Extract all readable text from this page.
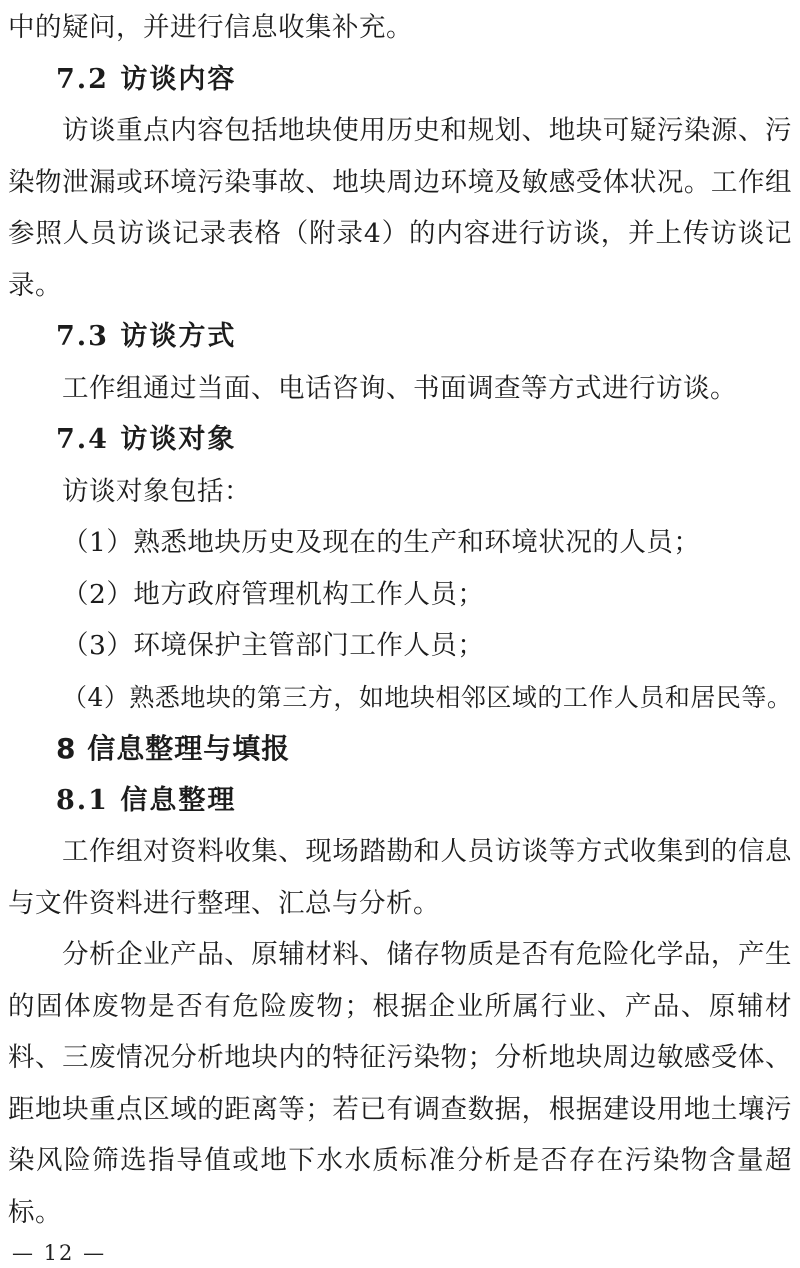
中的疑问，并进行信息收集补充。

7.2 访谈内容

访谈重点内容包括地块使用历史和规划、地块可疑污染源、污染物泄漏或环境污染事故、地块周边环境及敏感受体状况。工作组参照人员访谈记录表格（附录4）的内容进行访谈，并上传访谈记录。

7.3 访谈方式

工作组通过当面、电话咨询、书面调查等方式进行访谈。

7.4 访谈对象

访谈对象包括：

（1）熟悉地块历史及现在的生产和环境状况的人员；

（2）地方政府管理机构工作人员；

（3）环境保护主管部门工作人员；

（4）熟悉地块的第三方，如地块相邻区域的工作人员和居民等。

8 信息整理与填报

8.1 信息整理

工作组对资料收集、现场踏勘和人员访谈等方式收集到的信息与文件资料进行整理、汇总与分析。

分析企业产品、原辅材料、储存物质是否有危险化学品，产生的固体废物是否有危险废物；根据企业所属行业、产品、原辅材料、三废情况分析地块内的特征污染物；分析地块周边敏感受体、距地块重点区域的距离等；若已有调查数据，根据建设用地土壤污染风险筛选指导值或地下水水质标准分析是否存在污染物含量超标。

— 12 —
